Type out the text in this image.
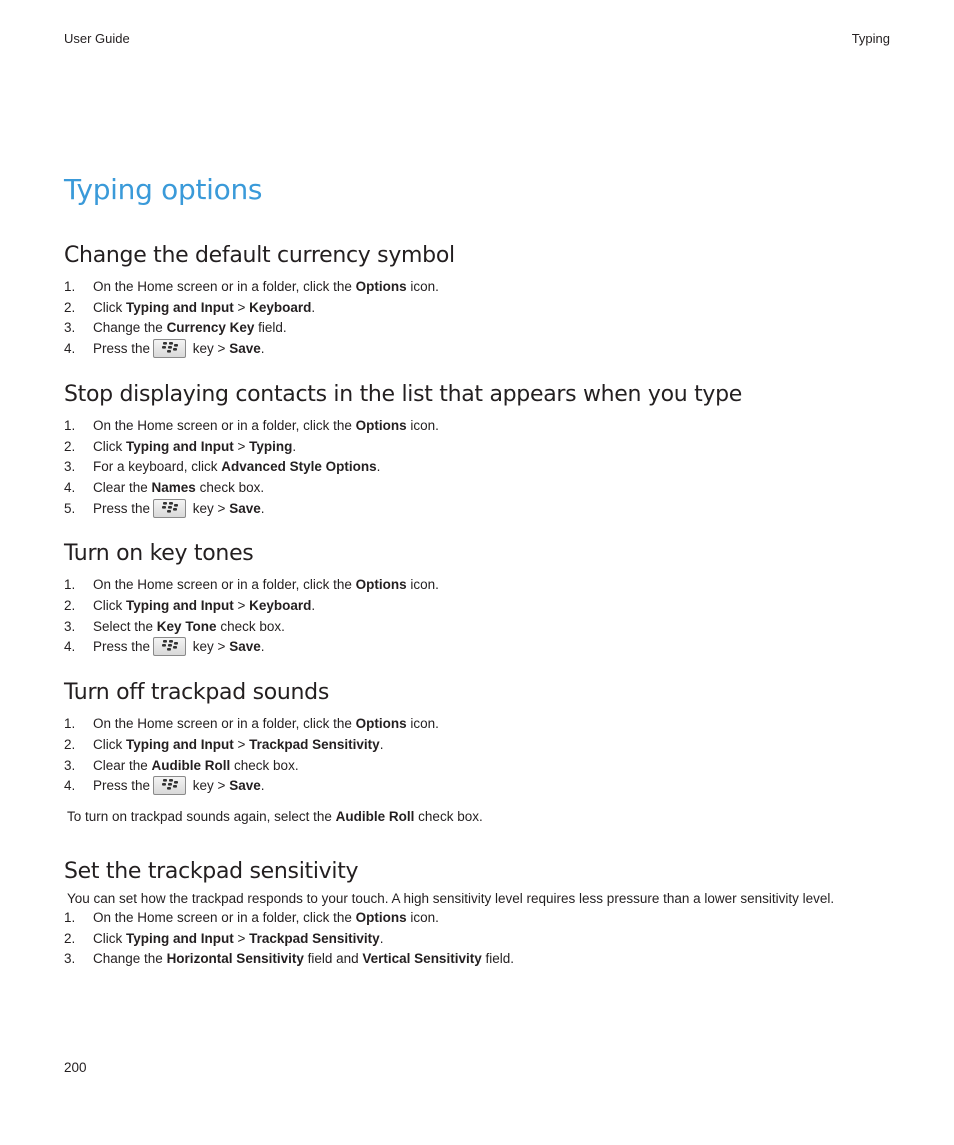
User Guide	Typing
Typing options
Change the default currency symbol
1.	On the Home screen or in a folder, click the Options icon.
2.	Click Typing and Input > Keyboard.
3.	Change the Currency Key field.
4.	Press the	key > Save.
Stop displaying contacts in the list that appears when you type
1.	On the Home screen or in a folder, click the Options icon.
2.	Click Typing and Input > Typing.
3.	For a keyboard, click Advanced Style Options.
4.	Clear the Names check box.
5.	Press the	key > Save.
Turn on key tones
1.	On the Home screen or in a folder, click the Options icon.
2.	Click Typing and Input > Keyboard.
3.	Select the Key Tone check box.
4.	Press the	key > Save.
Turn off trackpad sounds
1.	On the Home screen or in a folder, click the Options icon.
2.	Click Typing and Input > Trackpad Sensitivity.
3.	Clear the Audible Roll check box.
4.	Press the	key > Save.

To turn on trackpad sounds again, select the Audible Roll check box.

Set the trackpad sensitivity

You can set how the trackpad responds to your touch. A high sensitivity level requires less pressure than a lower sensitivity level.

1.	On the Home screen or in a folder, click the Options icon.
2.	Click Typing and Input > Trackpad Sensitivity.
3.	Change the Horizontal Sensitivity field and Vertical Sensitivity field.
200
